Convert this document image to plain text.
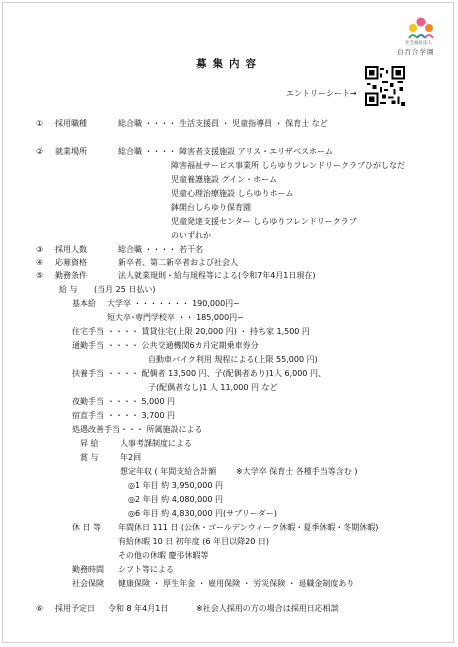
社会福祉法人
白百合学園
募集内容
エントリーシート→
① 採用職種	総合職 ・・・・ 生活支援員 ・ 児童指導員 ・ 保育士 など
② 就業場所	総合職 ・・・・ 障害者支援施設 アリス・エリザベスホーム
障害福祉サービス事業所 しらゆりフレンドリークラブひがしなだ
児童養護施設 グイン・ホーム
児童心理治療施設 しらゆりホーム
鉢開台しらゆり保育園
児童発達支援センター しらゆりフレンドリークラブ
のいずれか
③ 採用人数	総合職 ・・・・ 若干名
④ 応募資格	新卒者、第二新卒者および社会人
⑤ 勤務条件	法人就業規則・給与規程等による(令和7年4月1日現在)
給 与 (当月 25 日払い)
基本給 大学卒 ・・・・・・・ 190,000円~
短大卒･専門学校卒 ・・ 185,000円~
住宅手当 ・・・・ 賃貸住宅(上限 20,000 円) ・ 持ち家 1,500 円
通勤手当 ・・・・ 公共交通機関6カ月定期乗車券分
自動車バイク利用 規程による(上限 55,000 円)
扶養手当 ・・・・ 配偶者 13,500 円、子(配偶者あり)1人 6,000 円、
子(配偶者なし)1 人 11,000 円 など
夜勤手当 ・・・・ 5,000 円
宿直手当 ・・・・ 3,700 円
処遇改善手当・・・ 所属施設による
昇 給	人事考課制度による
賞 与	年2回
想定年収 ( 年間支給合計額 ※大学卒 保育士 各種手当等含む )
◎1 年目 約 3,950,000 円
◎2 年目 約 4,080,000 円
◎6 年目 約 4,830,000 円(サブリーダー)
休 日 等 年間休日 111 日 (公休・ゴールデンウィーク休暇・夏季休暇・冬期休暇)
有給休暇 10 日 初年度 (6 年目以降20 日)
その他の休暇 慶弔休暇等
勤務時間 シフト等による
社会保険 健康保険 ・ 厚生年金 ・ 雇用保険 ・ 労災保険 ・ 退職金制度あり
⑥ 採用予定日 令和 8 年4月1日	※社会人採用の方の場合は採用日応相談
